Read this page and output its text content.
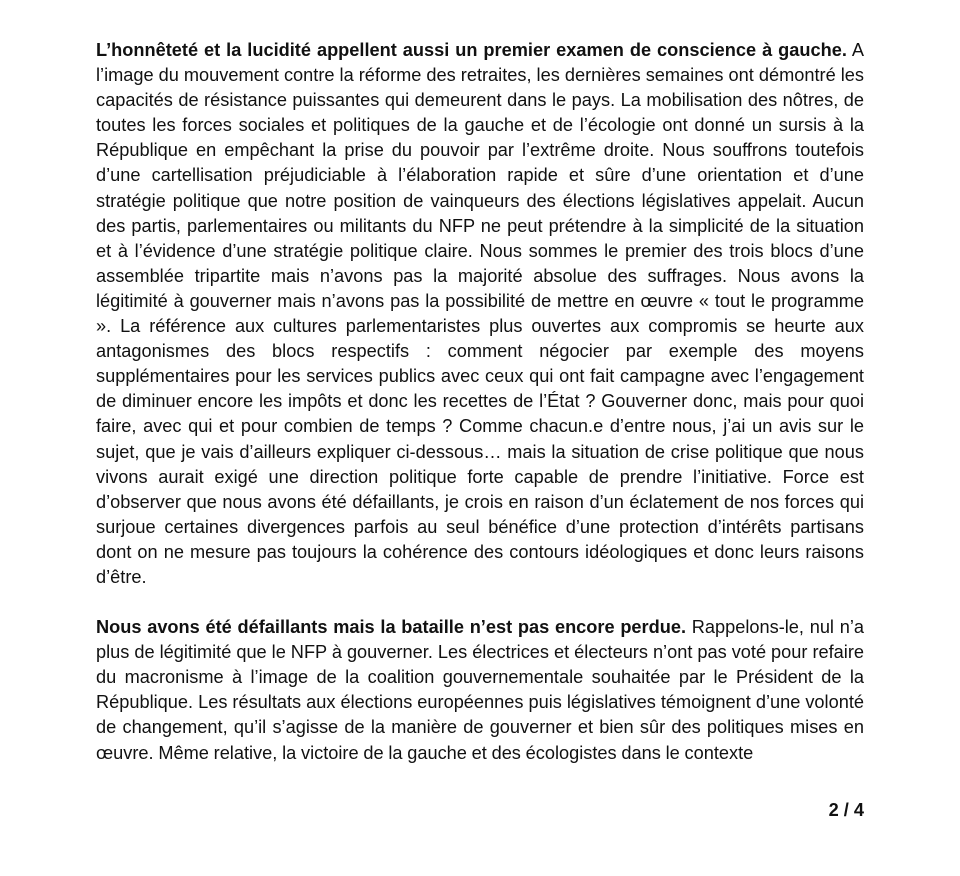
L’honnêteté et la lucidité appellent aussi un premier examen de conscience à gauche. A l’image du mouvement contre la réforme des retraites, les dernières semaines ont démontré les capacités de résistance puissantes qui demeurent dans le pays. La mobilisation des nôtres, de toutes les forces sociales et politiques de la gauche et de l’écologie ont donné un sursis à la République en empêchant la prise du pouvoir par l’extrême droite. Nous souffrons toutefois d’une cartellisation préjudiciable à l’élaboration rapide et sûre d’une orientation et d’une stratégie politique que notre position de vainqueurs des élections législatives appelait. Aucun des partis, parlementaires ou militants du NFP ne peut prétendre à la simplicité de la situation et à l’évidence d’une stratégie politique claire. Nous sommes le premier des trois blocs d’une assemblée tripartite mais n’avons pas la majorité absolue des suffrages. Nous avons la légitimité à gouverner mais n’avons pas la possibilité de mettre en œuvre « tout le programme ». La référence aux cultures parlementaristes plus ouvertes aux compromis se heurte aux antagonismes des blocs respectifs : comment négocier par exemple des moyens supplémentaires pour les services publics avec ceux qui ont fait campagne avec l’engagement de diminuer encore les impôts et donc les recettes de l’État ? Gouverner donc, mais pour quoi faire, avec qui et pour combien de temps ? Comme chacun.e d’entre nous, j’ai un avis sur le sujet, que je vais d’ailleurs expliquer ci-dessous… mais la situation de crise politique que nous vivons aurait exigé une direction politique forte capable de prendre l’initiative. Force est d’observer que nous avons été défaillants, je crois en raison d’un éclatement de nos forces qui surjoue certaines divergences parfois au seul bénéfice d’une protection d’intérêts partisans dont on ne mesure pas toujours la cohérence des contours idéologiques et donc leurs raisons d’être.

Nous avons été défaillants mais la bataille n’est pas encore perdue. Rappelons-le, nul n’a plus de légitimité que le NFP à gouverner. Les électrices et électeurs n’ont pas voté pour refaire du macronisme à l’image de la coalition gouvernementale souhaitée par le Président de la République. Les résultats aux élections européennes puis législatives témoignent d’une volonté de changement, qu’il s’agisse de la manière de gouverner et bien sûr des politiques mises en œuvre. Même relative, la victoire de la gauche et des écologistes dans le contexte

2 / 4
